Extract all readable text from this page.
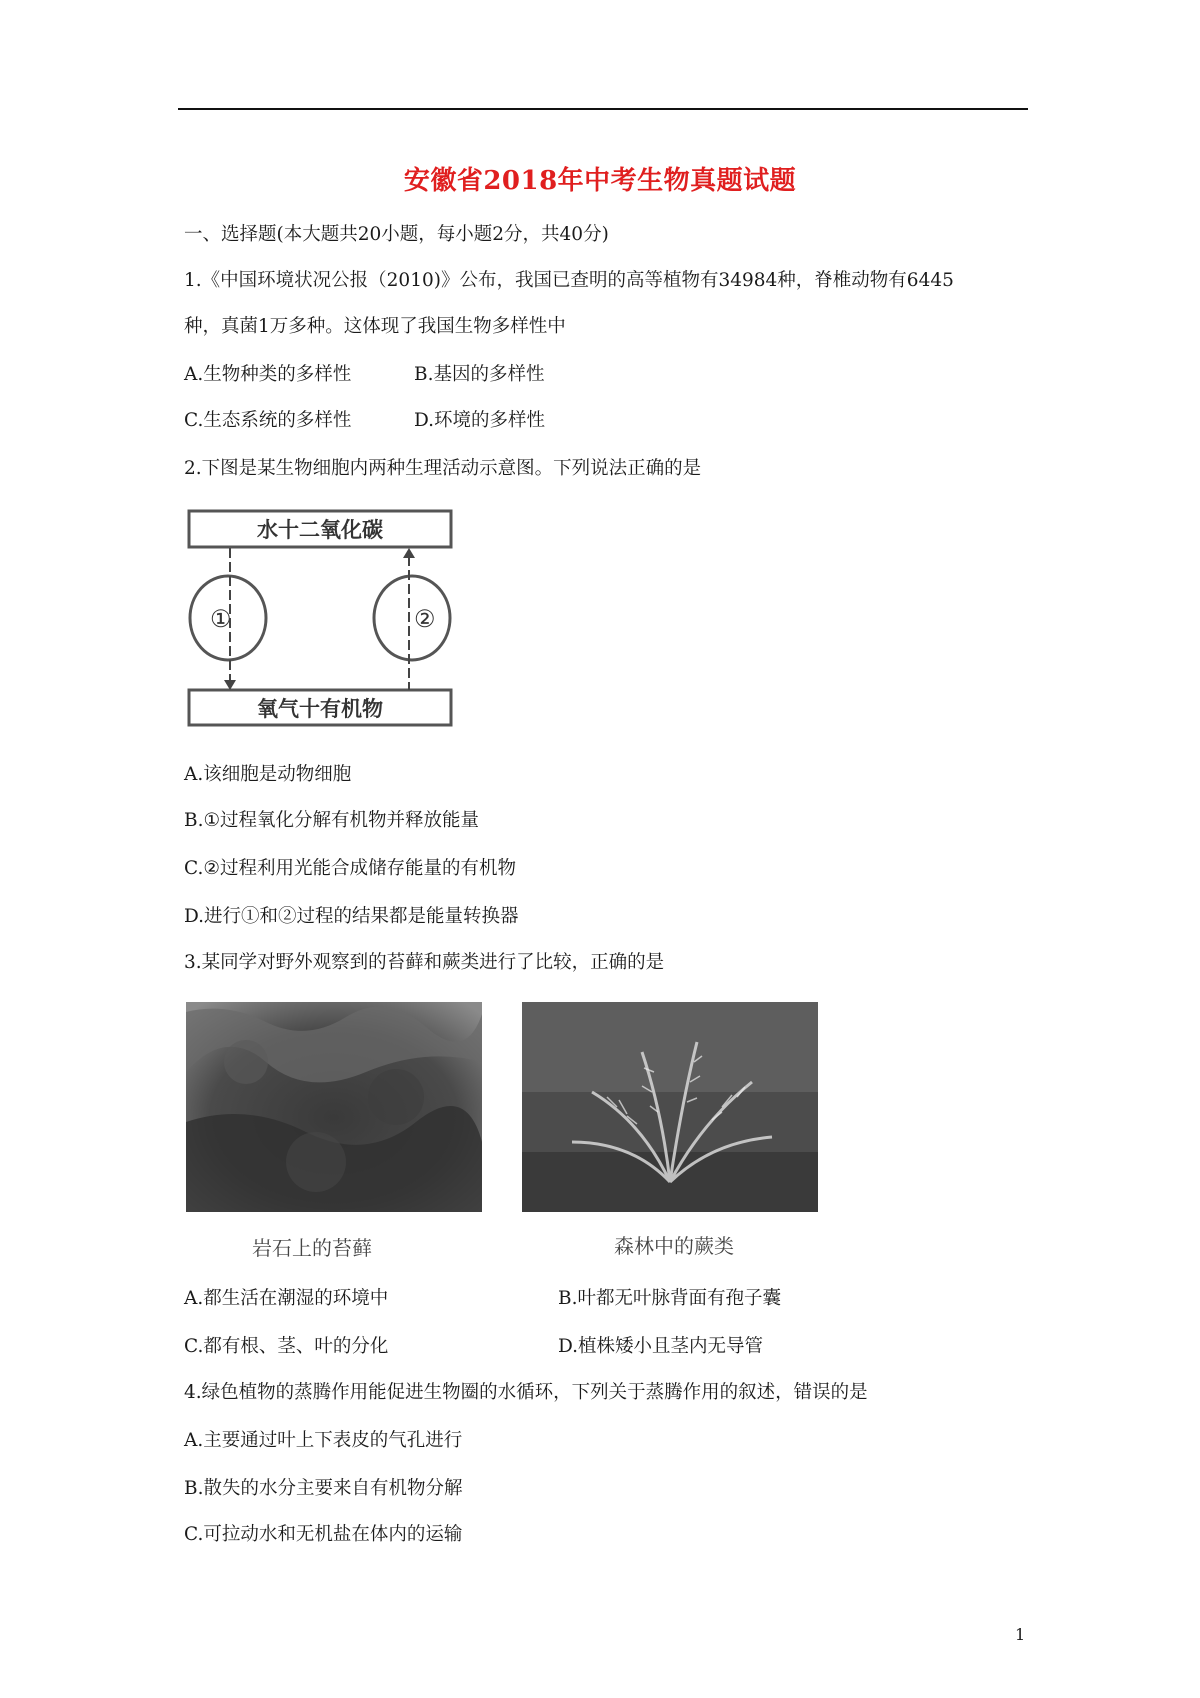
安徽省2018年中考生物真题试题
一、选择题(本大题共20小题，每小题2分，共40分)
1.《中国环境状况公报（2010)》公布，我国已查明的高等植物有34984种，脊椎动物有6445
种，真菌1万多种。这体现了我国生物多样性中
A.生物种类的多样性	B.基因的多样性
C.生态系统的多样性	D.环境的多样性
2.下图是某生物细胞内两种生理活动示意图。下列说法正确的是
水十二氧化碳
氧气十有机物
①	②
A.该细胞是动物细胞
B.①过程氧化分解有机物并释放能量
C.②过程利用光能合成储存能量的有机物
D.进行①和②过程的结果都是能量转换器
3.某同学对野外观察到的苔藓和蕨类进行了比较，正确的是
岩石上的苔藓	森林中的蕨类
A.都生活在潮湿的环境中	B.叶都无叶脉背面有孢子囊
C.都有根、茎、叶的分化	D.植株矮小且茎内无导管
4.绿色植物的蒸腾作用能促进生物圈的水循环，下列关于蒸腾作用的叙述，错误的是
A.主要通过叶上下表皮的气孔进行
B.散失的水分主要来自有机物分解
C.可拉动水和无机盐在体内的运输
1
